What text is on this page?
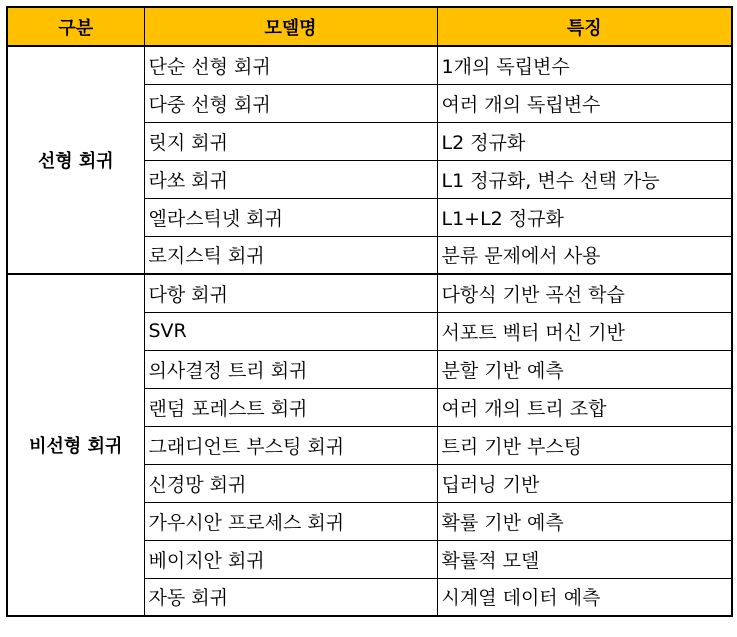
구분	모델명	특징
선형 회귀	단순 선형 회귀	1개의 독립변수
	다중 선형 회귀	여러 개의 독립변수
	릿지 회귀	L2 정규화
	라쏘 회귀	L1 정규화, 변수 선택 가능
	엘라스틱넷 회귀	L1+L2 정규화
	로지스틱 회귀	분류 문제에서 사용
비선형 회귀	다항 회귀	다항식 기반 곡선 학습
	SVR	서포트 벡터 머신 기반
	의사결정 트리 회귀	분할 기반 예측
	랜덤 포레스트 회귀	여러 개의 트리 조합
	그래디언트 부스팅 회귀	트리 기반 부스팅
	신경망 회귀	딥러닝 기반
	가우시안 프로세스 회귀	확률 기반 예측
	베이지안 회귀	확률적 모델
	자동 회귀	시계열 데이터 예측
